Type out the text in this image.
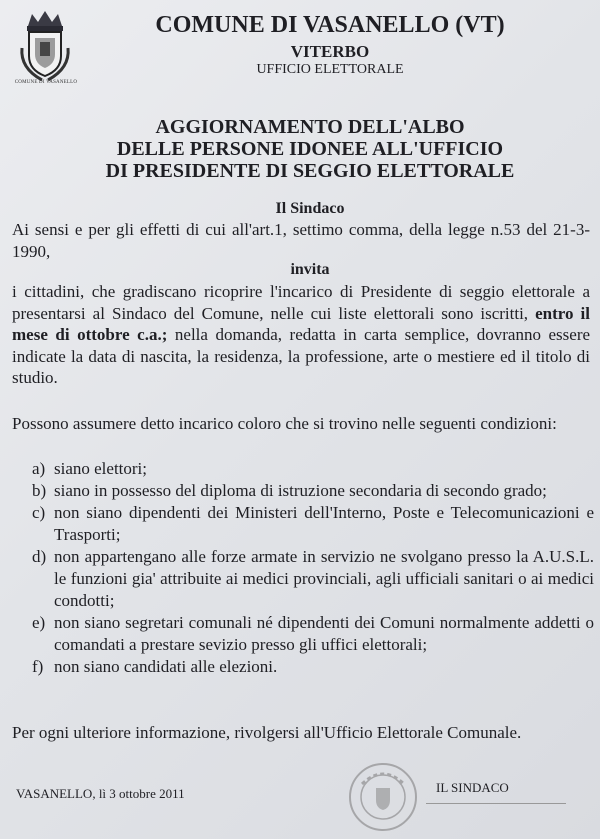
COMUNE DI VASANELLO
COMUNE DI VASANELLO (VT)
VITERBO
UFFICIO ELETTORALE
AGGIORNAMENTO DELL'ALBO
DELLE PERSONE IDONEE ALL'UFFICIO
DI PRESIDENTE DI SEGGIO ELETTORALE
Il Sindaco
Ai sensi e per gli effetti di cui all'art.1, settimo comma, della legge n.53 del 21-3-1990,
invita
i cittadini, che gradiscano ricoprire l'incarico di Presidente di seggio elettorale a presentarsi al Sindaco del Comune, nelle cui liste elettorali sono iscritti, entro il mese di ottobre c.a.; nella domanda, redatta in carta semplice, dovranno essere indicate la data di nascita, la residenza, la professione, arte o mestiere ed il titolo di studio.
Possono assumere detto incarico coloro che si trovino nelle seguenti condizioni:
a) siano elettori;
b) siano in possesso del diploma di istruzione secondaria di secondo grado;
c) non siano dipendenti dei Ministeri dell'Interno, Poste e Telecomunicazioni e Trasporti;
d) non appartengano alle forze armate in servizio ne svolgano presso la A.U.S.L. le funzioni gia' attribuite ai medici provinciali, agli ufficiali sanitari o ai medici condotti;
e) non siano segretari comunali né dipendenti dei Comuni normalmente addetti o comandati a prestare sevizio presso gli uffici elettorali;
f) non siano candidati alle elezioni.
Per ogni ulteriore informazione, rivolgersi all'Ufficio Elettorale Comunale.
VASANELLO, lì 3 ottobre 2011	IL SINDACO
